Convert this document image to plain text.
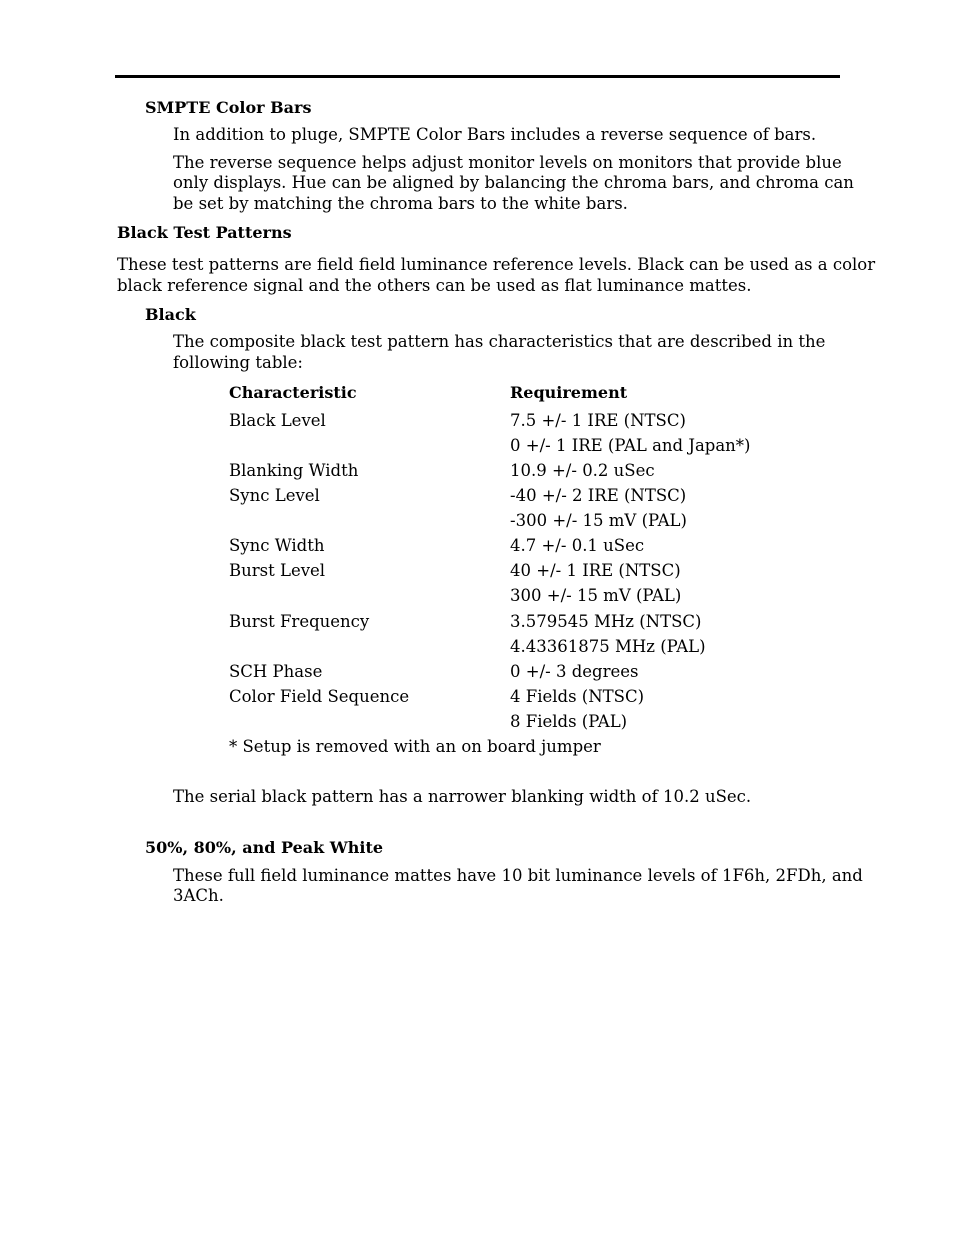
SMPTE Color Bars

In addition to pluge, SMPTE Color Bars includes a reverse sequence of bars.

The reverse sequence helps adjust monitor levels on monitors that provide blue

only displays. Hue can be aligned by balancing the chroma bars, and chroma can

be set by matching the chroma bars to the white bars.

Black Test Patterns

These test patterns are field field luminance reference levels. Black can be used as a color

black reference signal and the others can be used as flat luminance mattes.

Black

The composite black test pattern has characteristics that are described in the

following table:

Characteristic	Requirement

Black Level	7.5 +/- 1 IRE (NTSC)

0 +/- 1 IRE (PAL and Japan*)

Blanking Width	10.9 +/- 0.2 uSec

Sync Level	-40 +/- 2 IRE (NTSC)

-300 +/- 15 mV (PAL)

Sync Width	4.7 +/- 0.1 uSec

Burst Level	40 +/- 1 IRE (NTSC)

300 +/- 15 mV (PAL)

Burst Frequency	3.579545 MHz (NTSC)

4.43361875 MHz (PAL)

SCH Phase	0 +/- 3 degrees

Color Field Sequence	4 Fields (NTSC)

8 Fields (PAL)

* Setup is removed with an on board jumper

The serial black pattern has a narrower blanking width of 10.2 uSec.

50%, 80%, and Peak White

These full field luminance mattes have 10 bit luminance levels of 1F6h, 2FDh, and

3ACh.
